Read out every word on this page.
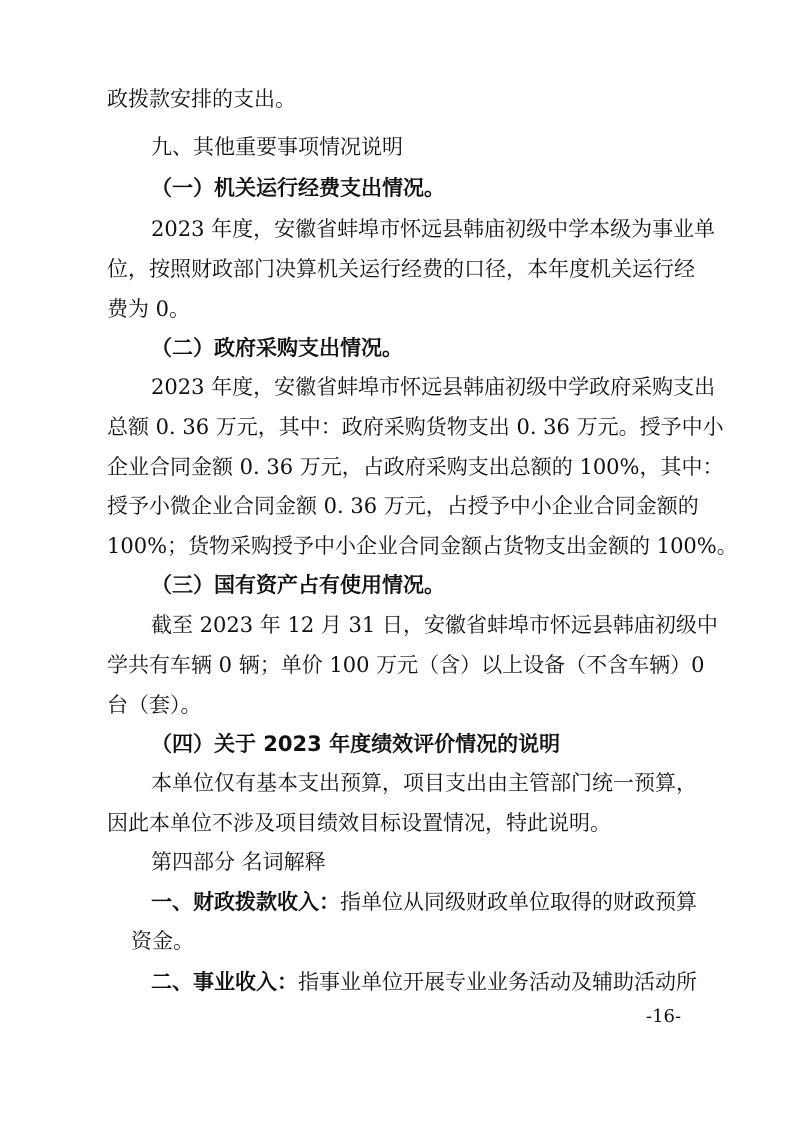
政拨款安排的支出。
九、其他重要事项情况说明
（一）机关运行经费支出情况。
2023 年度，安徽省蚌埠市怀远县韩庙初级中学本级为事业单
位，按照财政部门决算机关运行经费的口径，本年度机关运行经
费为 0。
（二）政府采购支出情况。
2023 年度，安徽省蚌埠市怀远县韩庙初级中学政府采购支出
总额 0. 36 万元，其中：政府采购货物支出 0. 36 万元。授予中小
企业合同金额 0. 36 万元，占政府采购支出总额的 100%，其中：
授予小微企业合同金额 0. 36 万元，占授予中小企业合同金额的
100%；货物采购授予中小企业合同金额占货物支出金额的 100%。
（三）国有资产占有使用情况。
截至 2023 年 12 月 31 日，安徽省蚌埠市怀远县韩庙初级中
学共有车辆 0 辆；单价 100 万元（含）以上设备（不含车辆）0
台（套）。
（四）关于 2023 年度绩效评价情况的说明
本单位仅有基本支出预算，项目支出由主管部门统一预算，
因此本单位不涉及项目绩效目标设置情况，特此说明。
第四部分 名词解释
一、财政拨款收入：指单位从同级财政单位取得的财政预算
资金。
二、事业收入：指事业单位开展专业业务活动及辅助活动所
-16-
